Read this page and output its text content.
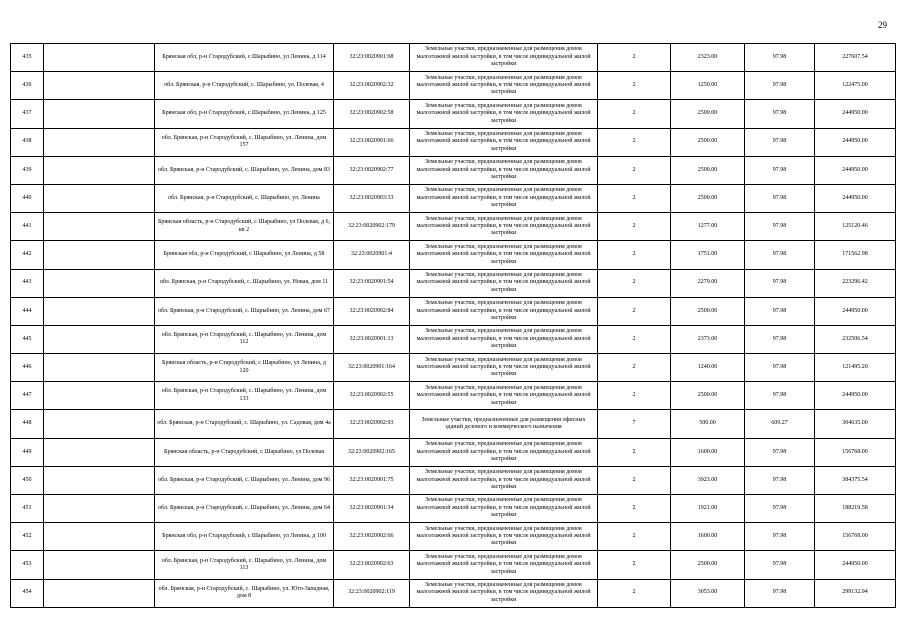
29
435		Брянская обл, р-н Стародубский, с Шарыбино, ул Ленина, д 114	32:23:0020901:68	Земельные участки, предназначенные для размещения домов малоэтажной жилой застройки, в том числе индивидуальной жилой застройки	2	2323.00	97.98	227607.54
436		обл. Брянская, р-н Стародубский, с. Шарыбино, ул. Полевая, 4	32:23:0020902:32	Земельные участки, предназначенные для размещения домов малоэтажной жилой застройки, в том числе индивидуальной жилой застройки	2	1250.00	97.98	122475.00
437		Брянская обл, р-н Стародубский, с Шарыбино, ул Ленина, д 125	32:23:0020902:58	Земельные участки, предназначенные для размещения домов малоэтажной жилой застройки, в том числе индивидуальной жилой застройки	2	2500.00	97.98	244950.00
438		обл. Брянская, р-н Стародубский, с. Шарыбино, ул. Ленина, дом 157	32:23:0020901:66	Земельные участки, предназначенные для размещения домов малоэтажной жилой застройки, в том числе индивидуальной жилой застройки	2	2500.00	97.98	244950.00
439		обл. Брянская, р-н Стародубский, с. Шарыбино, ул. Ленина, дом 83	32:23:0020902:77	Земельные участки, предназначенные для размещения домов малоэтажной жилой застройки, в том числе индивидуальной жилой застройки	2	2500.00	97.98	244950.00
440		обл. Брянская, р-н Стародубский, с. Шарыбино, ул. Ленина	32:23:0020903:33	Земельные участки, предназначенные для размещения домов малоэтажной жилой застройки, в том числе индивидуальной жилой застройки	2	2500.00	97.98	244950.00
441		Брянская область, р-н Стародубский, с Шарыбино, ул Полевая, д 6, кв 2	32:23:0020902:179	Земельные участки, предназначенные для размещения домов малоэтажной жилой застройки, в том числе индивидуальной жилой застройки	2	1277.00	97.98	125120.46
442		Брянская обл, р-н Стародубский, с Шарыбино, ул Ленина, д 58	32:23:0020901:4	Земельные участки, предназначенные для размещения домов малоэтажной жилой застройки, в том числе индивидуальной жилой застройки	2	1751.00	97.98	171562.98
443		обл. Брянская, р-н Стародубский, с. Шарыбино, ул. Новая, дом 11	32:23:0020901:54	Земельные участки, предназначенные для размещения домов малоэтажной жилой застройки, в том числе индивидуальной жилой застройки	2	2279.00	97.98	223296.42
444		обл. Брянская, р-н Стародубский, с. Шарыбино, ул. Ленина, дом 67	32:23:0020902:84	Земельные участки, предназначенные для размещения домов малоэтажной жилой застройки, в том числе индивидуальной жилой застройки	2	2500.00	97.98	244950.00
445		обл. Брянская, р-н Стародубский, с. Шарыбино, ул. Ленина, дом 112	32:23:0020901:13	Земельные участки, предназначенные для размещения домов малоэтажной жилой застройки, в том числе индивидуальной жилой застройки	2	2373.00	97.98	232506.54
446		Брянская область, р-н Стародубский, с Шарыбино, ул Ленина, д 120	32:23:0020901:164	Земельные участки, предназначенные для размещения домов малоэтажной жилой застройки, в том числе индивидуальной жилой застройки	2	1240.00	97.98	121495.20
447		обл. Брянская, р-н Стародубский, с. Шарыбино, ул. Ленина, дом 133	32:23:0020902:55	Земельные участки, предназначенные для размещения домов малоэтажной жилой застройки, в том числе индивидуальной жилой застройки	2	2500.00	97.98	244950.00
448		обл. Брянская, р-н Стародубский, с. Шарыбино, ул. Садовая, дом 4а	32:23:0020902:93	Земельные участки, предназначенные для размещения офисных зданий делового и коммерческого назначения	7	500.00	609.27	304635.00
449		Брянская область, р-н Стародубский, с Шарыбино, ул Полевая	32:23:0020902:165	Земельные участки, предназначенные для размещения домов малоэтажной жилой застройки, в том числе индивидуальной жилой застройки	2	1600.00	97.98	156768.00
450		обл. Брянская, р-н Стародубский, с. Шарыбино, ул. Ленина, дом 96	32:23:0020901:75	Земельные участки, предназначенные для размещения домов малоэтажной жилой застройки, в том числе индивидуальной жилой застройки	2	3923.00	97.98	384375.54
451		обл. Брянская, р-н Стародубский, с. Шарыбино, ул. Ленина, дом 64	32:23:0020901:34	Земельные участки, предназначенные для размещения домов малоэтажной жилой застройки, в том числе индивидуальной жилой застройки	2	1921.00	97.98	188219.58
452		Брянская обл, р-н Стародубский, с Шарыбино, ул Ленина, д 100	32:23:0020902:66	Земельные участки, предназначенные для размещения домов малоэтажной жилой застройки, в том числе индивидуальной жилой застройки	2	1600.00	97.98	156768.00
453		обл. Брянская, р-н Стародубский, с. Шарыбино, ул. Ленина, дом 113	32:23:0020902:63	Земельные участки, предназначенные для размещения домов малоэтажной жилой застройки, в том числе индивидуальной жилой застройки	2	2500.00	97.98	244950.00
454		обл. Брянская, р-н Стародубский, с. Шарыбино, ул. Юго-Западная, дом 8	32:23:0020902:119	Земельные участки, предназначенные для размещения домов малоэтажной жилой застройки, в том числе индивидуальной жилой застройки	2	3053.00	97.98	299132.94
